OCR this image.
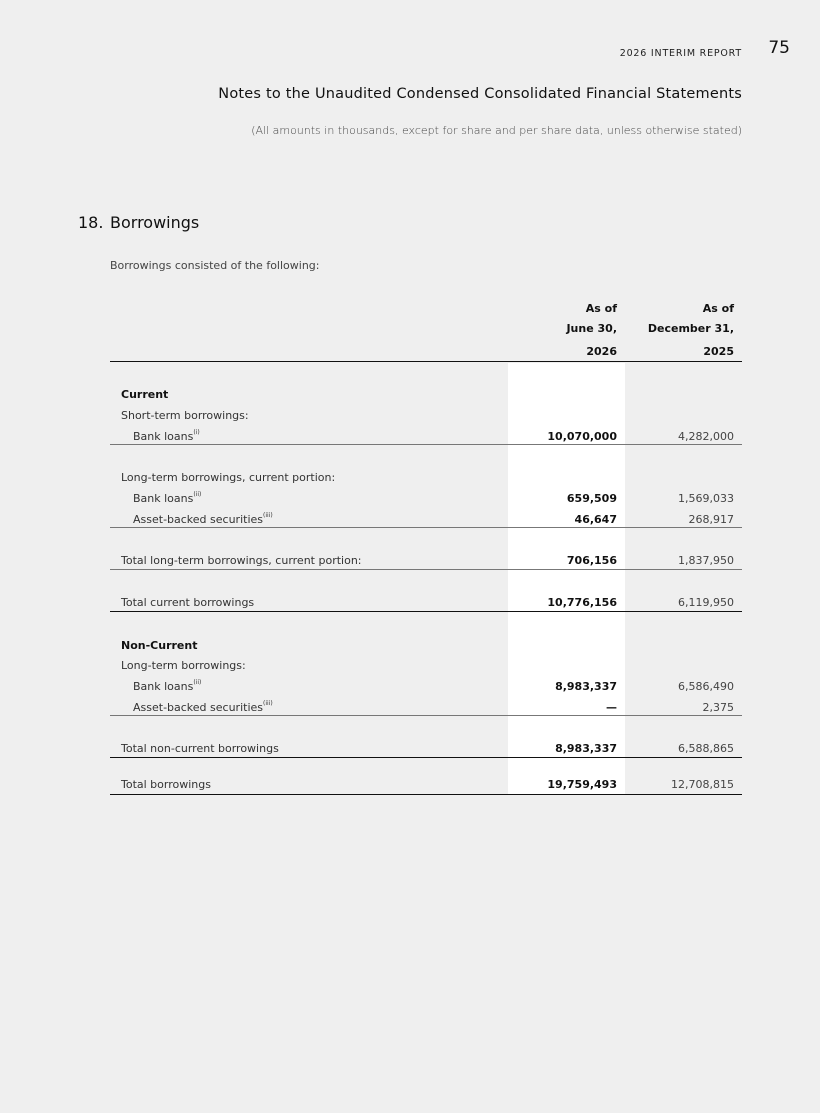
2026 INTERIM REPORT 75
Notes to the Unaudited Condensed Consolidated Financial Statements
(All amounts in thousands, except for share and per share data, unless otherwise stated)
18. Borrowings
Borrowings consisted of the following:
As of
June 30,
2026
As of
December 31,
2025
Current
Short-term borrowings:
Bank loans$^{(i)}$	10,070,000	4,282,000
Long-term borrowings, current portion:
Bank loans$^{(ii)}$	659,509	1,569,033
Asset-backed securities$^{(iii)}$	46,647	268,917
Total long-term borrowings, current portion:	706,156	1,837,950
Total current borrowings	10,776,156	6,119,950
Non-Current
Long-term borrowings:
Bank loans$^{(ii)}$	8,983,337	6,586,490
Asset-backed securities$^{(iii)}$	—	2,375
Total non-current borrowings	8,983,337	6,588,865
Total borrowings	19,759,493	12,708,815
